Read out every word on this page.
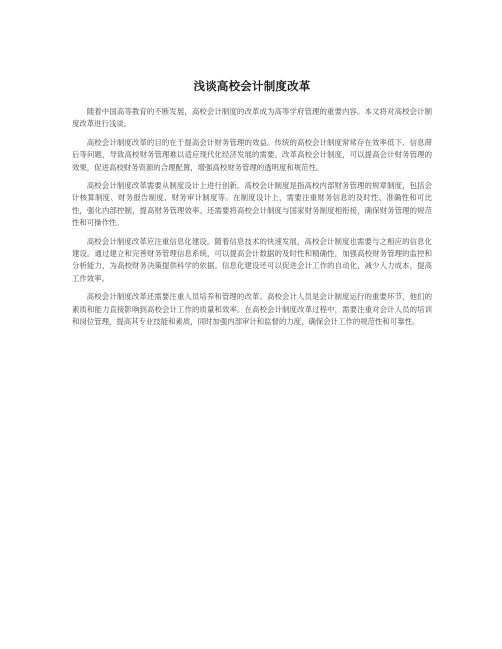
浅谈高校会计制度改革

随着中国高等教育的不断发展，高校会计制度的改革成为高等学府管理的重要内容。本文将对高校会计制度改革进行浅谈。

高校会计制度改革的目的在于提高会计财务管理的效益。传统的高校会计制度常常存在效率低下、信息滞后等问题，导致高校财务管理难以适应现代化经济发展的需要。改革高校会计制度，可以提高会计财务管理的效果，促进高校财务资源的合理配置，增强高校财务管理的透明度和规范性。

高校会计制度改革需要从制度设计上进行创新。高校会计制度是指高校内部财务管理的规章制度，包括会计核算制度、财务报告制度、财务审计制度等。在制度设计上，需要注重财务信息的及时性、准确性和可比性，强化内部控制，提高财务管理效率。还需要将高校会计制度与国家财务制度相衔接，确保财务管理的规范性和可操作性。

高校会计制度改革应注重信息化建设。随着信息技术的快速发展，高校会计制度也需要与之相应的信息化建设。通过建立和完善财务管理信息系统，可以提高会计数据的及时性和精确性，加强高校财务管理的监控和分析能力，为高校财务决策提供科学的依据。信息化建设还可以促进会计工作的自动化，减少人力成本，提高工作效率。

高校会计制度改革还需要注重人员培养和管理的改革。高校会计人员是会计制度运行的重要环节，他们的素质和能力直接影响到高校会计工作的质量和效率。在高校会计制度改革过程中，需要注重对会计人员的培训和岗位管理，提高其专业技能和素质，同时加强内部审计和监督的力度，确保会计工作的规范性和可靠性。
